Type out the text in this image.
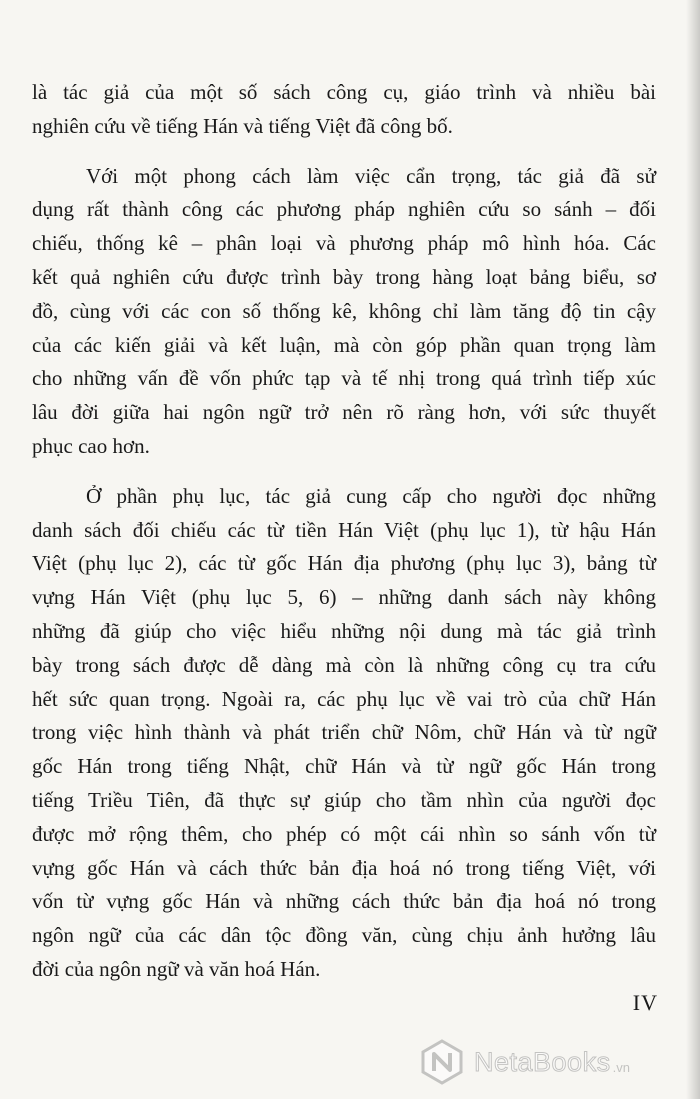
là tác giả của một số sách công cụ, giáo trình và nhiều bài
nghiên cứu về tiếng Hán và tiếng Việt đã công bố.
Với một phong cách làm việc cẩn trọng, tác giả đã sử
dụng rất thành công các phương pháp nghiên cứu so sánh – đối
chiếu, thống kê – phân loại và phương pháp mô hình hóa. Các
kết quả nghiên cứu được trình bày trong hàng loạt bảng biểu, sơ
đồ, cùng với các con số thống kê, không chỉ làm tăng độ tin cậy
của các kiến giải và kết luận, mà còn góp phần quan trọng làm
cho những vấn đề vốn phức tạp và tế nhị trong quá trình tiếp xúc
lâu đời giữa hai ngôn ngữ trở nên rõ ràng hơn, với sức thuyết
phục cao hơn.
Ở phần phụ lục, tác giả cung cấp cho người đọc những
danh sách đối chiếu các từ tiền Hán Việt (phụ lục 1), từ hậu Hán
Việt (phụ lục 2), các từ gốc Hán địa phương (phụ lục 3), bảng từ
vựng Hán Việt (phụ lục 5, 6) – những danh sách này không
những đã giúp cho việc hiểu những nội dung mà tác giả trình
bày trong sách được dễ dàng mà còn là những công cụ tra cứu
hết sức quan trọng. Ngoài ra, các phụ lục về vai trò của chữ Hán
trong việc hình thành và phát triển chữ Nôm, chữ Hán và từ ngữ
gốc Hán trong tiếng Nhật, chữ Hán và từ ngữ gốc Hán trong
tiếng Triều Tiên, đã thực sự giúp cho tầm nhìn của người đọc
được mở rộng thêm, cho phép có một cái nhìn so sánh vốn từ
vựng gốc Hán và cách thức bản địa hoá nó trong tiếng Việt, với
vốn từ vựng gốc Hán và những cách thức bản địa hoá nó trong
ngôn ngữ của các dân tộc đồng văn, cùng chịu ảnh hưởng lâu
đời của ngôn ngữ và văn hoá Hán.
IV
NetaBooks .vn
